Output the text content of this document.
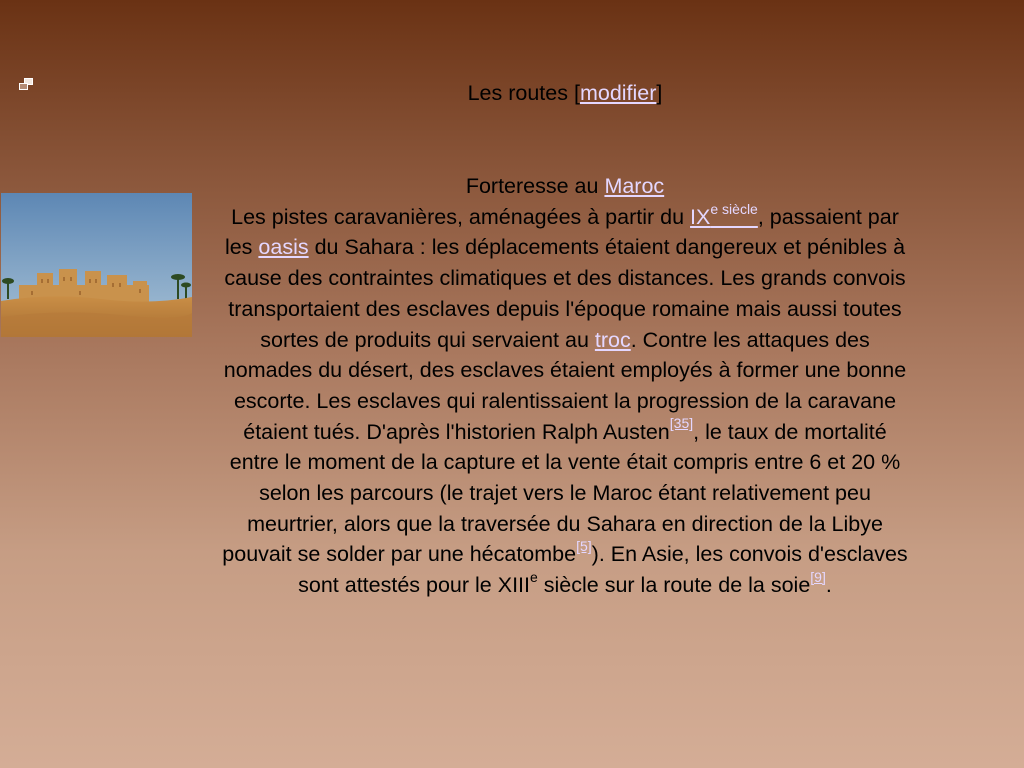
Les routes [modifier]

Forteresse au Maroc

Les pistes caravanières, aménagées à partir du IX$^{e siècle}$, passaient par les oasis du Sahara : les déplacements étaient dangereux et pénibles à cause des contraintes climatiques et des distances. Les grands convois transportaient des esclaves depuis l'époque romaine mais aussi toutes sortes de produits qui servaient au troc. Contre les attaques des nomades du désert, des esclaves étaient employés à former une bonne escorte. Les esclaves qui ralentissaient la progression de la caravane étaient tués. D'après l'historien Ralph Austen[35], le taux de mortalité entre le moment de la capture et la vente était compris entre 6 et 20 % selon les parcours (le trajet vers le Maroc étant relativement peu meurtrier, alors que la traversée du Sahara en direction de la Libye pouvait se solder par une hécatombe[5]). En Asie, les convois d'esclaves sont attestés pour le XIIIe siècle sur la route de la soie[9].
